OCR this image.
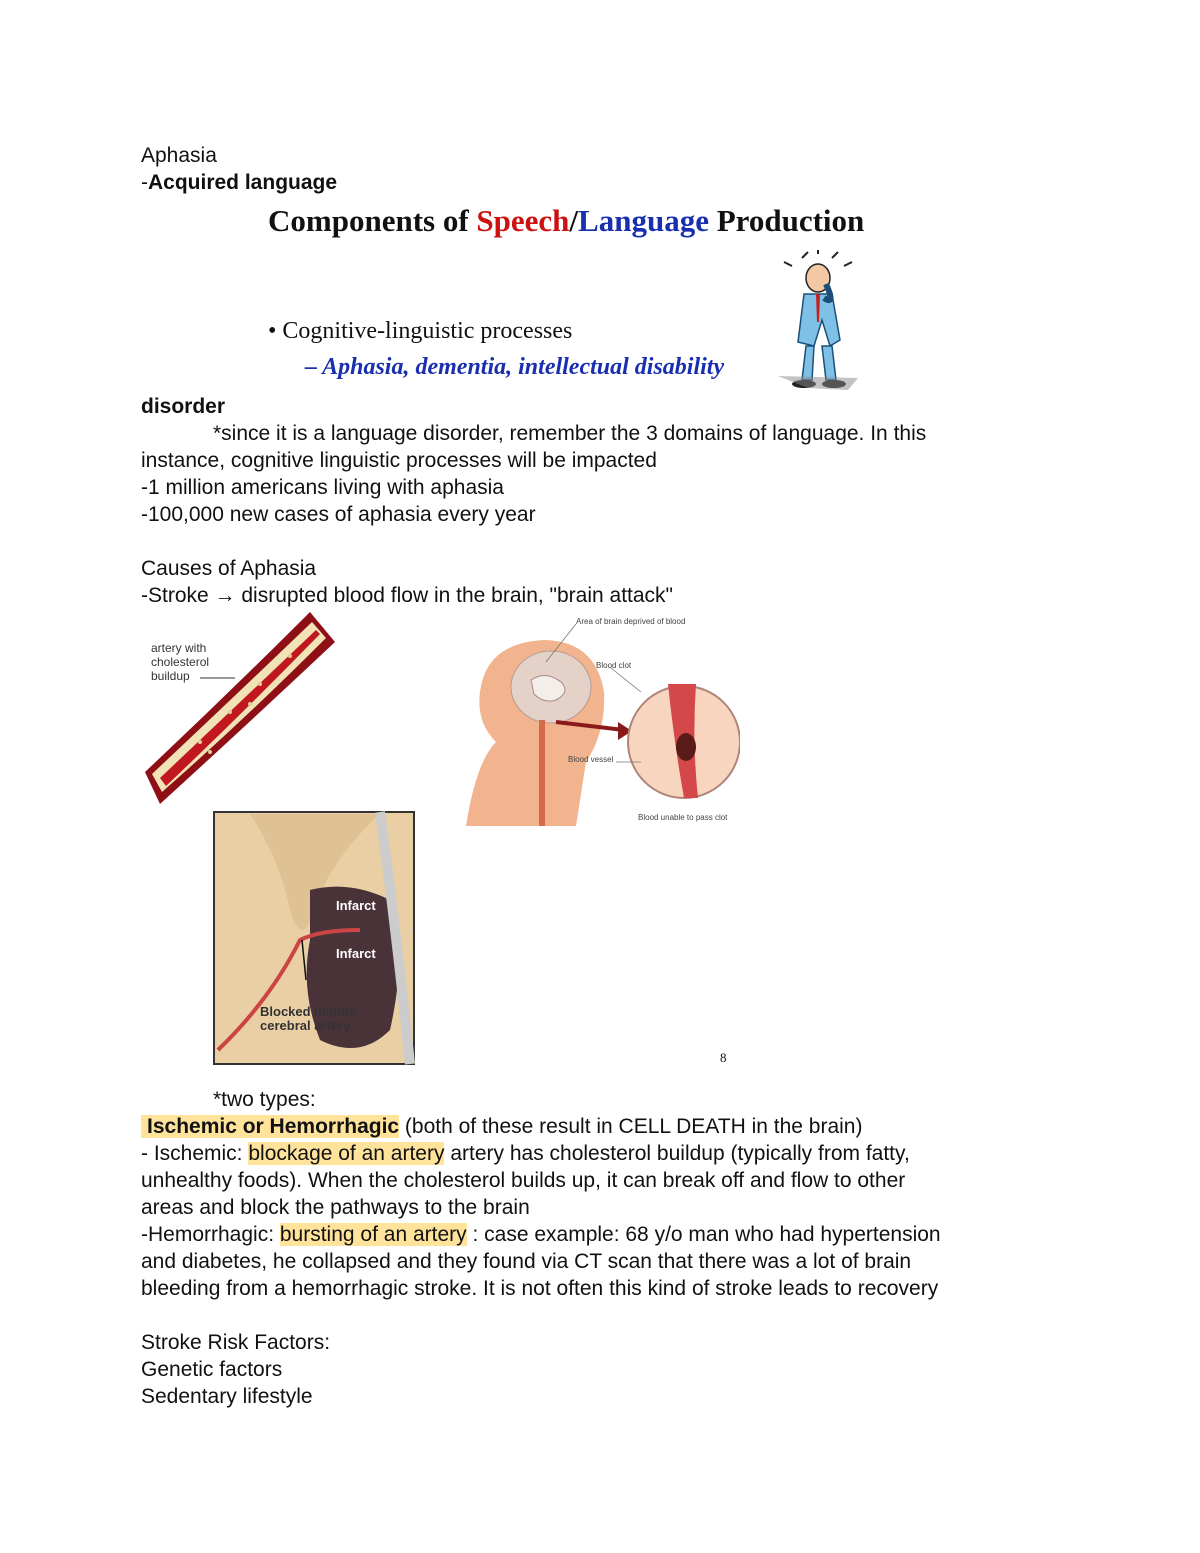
Aphasia
-Acquired language
Components of Speech/Language Production
• Cognitive-linguistic processes
– Aphasia, dementia, intellectual disability
disorder
*since it is a language disorder, remember the 3 domains of language. In this
instance, cognitive linguistic processes will be impacted
-1 million americans living with aphasia
-100,000 new cases of aphasia every year
Causes of Aphasia
-Stroke → disrupted blood flow in the brain, "brain attack"
artery with
cholesterol
buildup
Area of brain deprived of blood
Blood clot
Blood vessel
Blood unable to pass clot
Infarct
Infarct
Blocked middle
cerebral artery
8
*two types:
Ischemic or Hemorrhagic (both of these result in CELL DEATH in the brain)
- Ischemic: blockage of an artery artery has cholesterol buildup (typically from fatty,
unhealthy foods). When the cholesterol builds up, it can break off and flow to other
areas and block the pathways to the brain
-Hemorrhagic: bursting of an artery : case example: 68 y/o man who had hypertension
and diabetes, he collapsed and they found via CT scan that there was a lot of brain
bleeding from a hemorrhagic stroke. It is not often this kind of stroke leads to recovery
Stroke Risk Factors:
Genetic factors
Sedentary lifestyle
